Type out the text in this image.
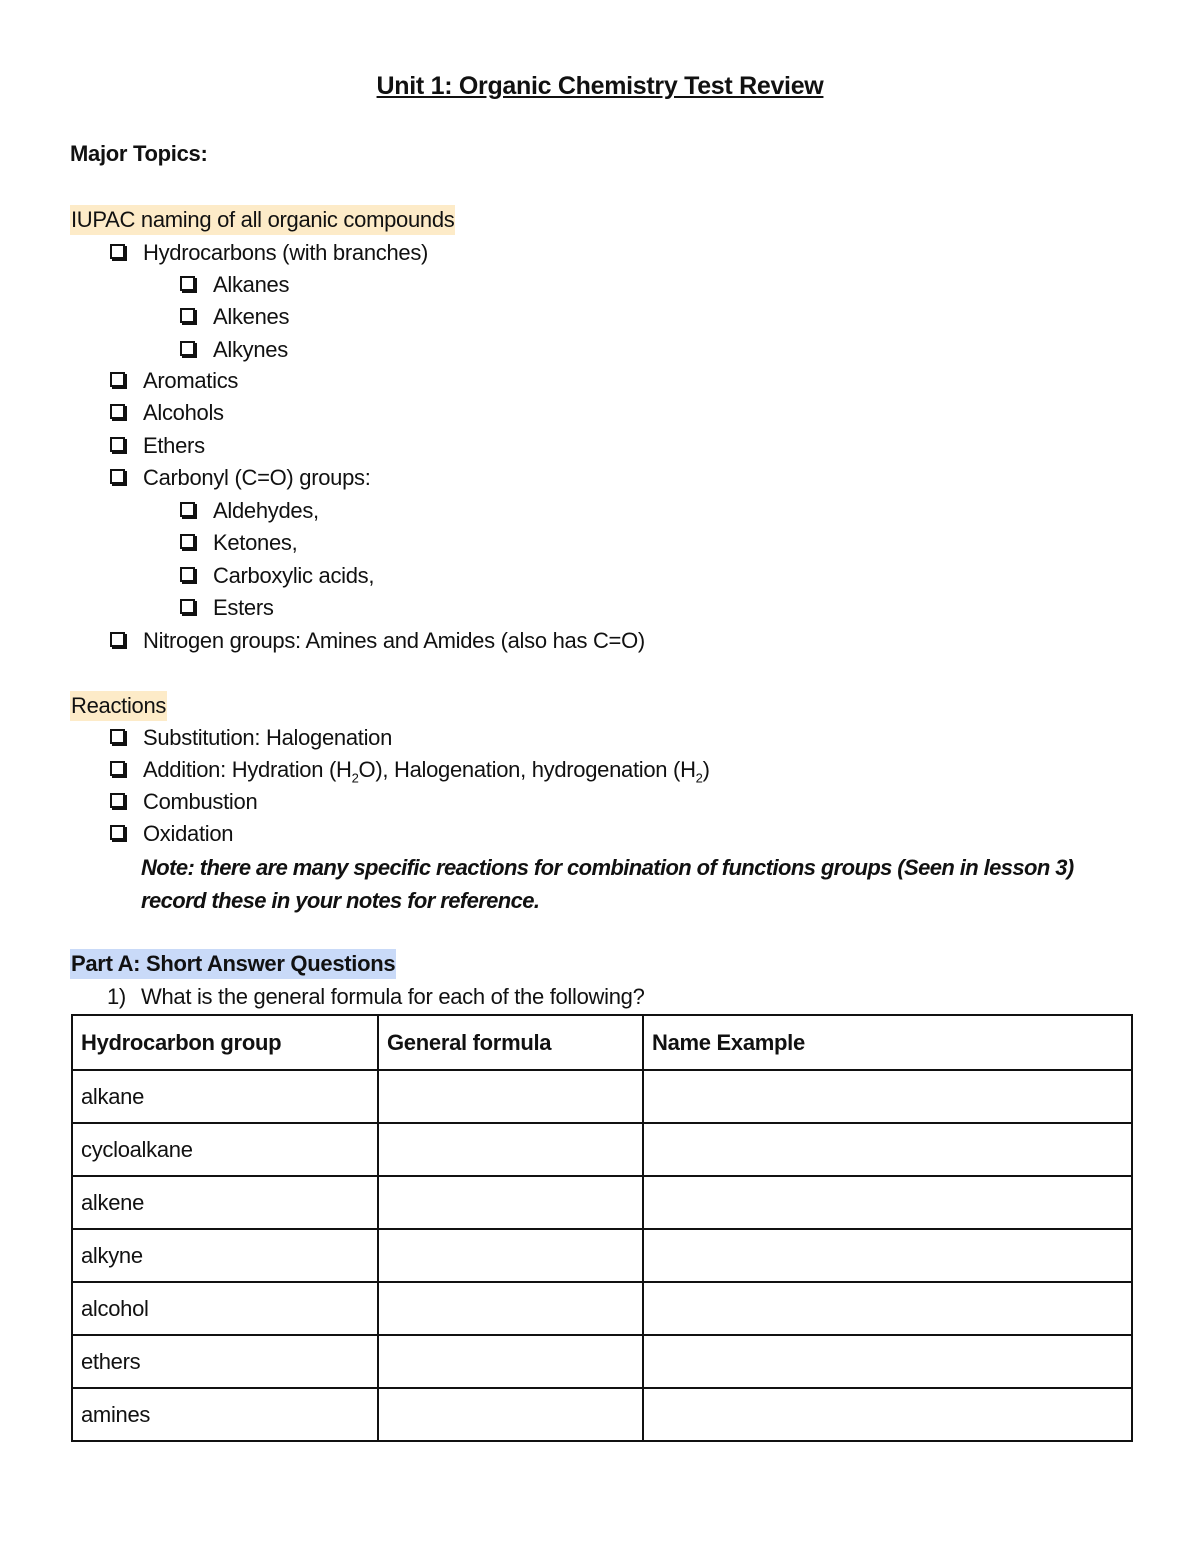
Unit 1: Organic Chemistry Test Review
Major Topics:
IUPAC naming of all organic compounds
Hydrocarbons (with branches)
Alkanes
Alkenes
Alkynes
Aromatics
Alcohols
Ethers
Carbonyl (C=O) groups:
Aldehydes,
Ketones,
Carboxylic acids,
Esters
Nitrogen groups: Amines and Amides (also has C=O)
Reactions
Substitution: Halogenation
Addition: Hydration $(H_2O)$, Halogenation, hydrogenation $(H_2)$
Combustion
Oxidation
Note: there are many specific reactions for combination of functions groups (Seen in lesson 3) record these in your notes for reference.
Part A: Short Answer Questions
1) What is the general formula for each of the following?
Hydrocarbon group	General formula	Name Example
alkane		
cycloalkane		
alkene		
alkyne		
alcohol		
ethers		
amines		
